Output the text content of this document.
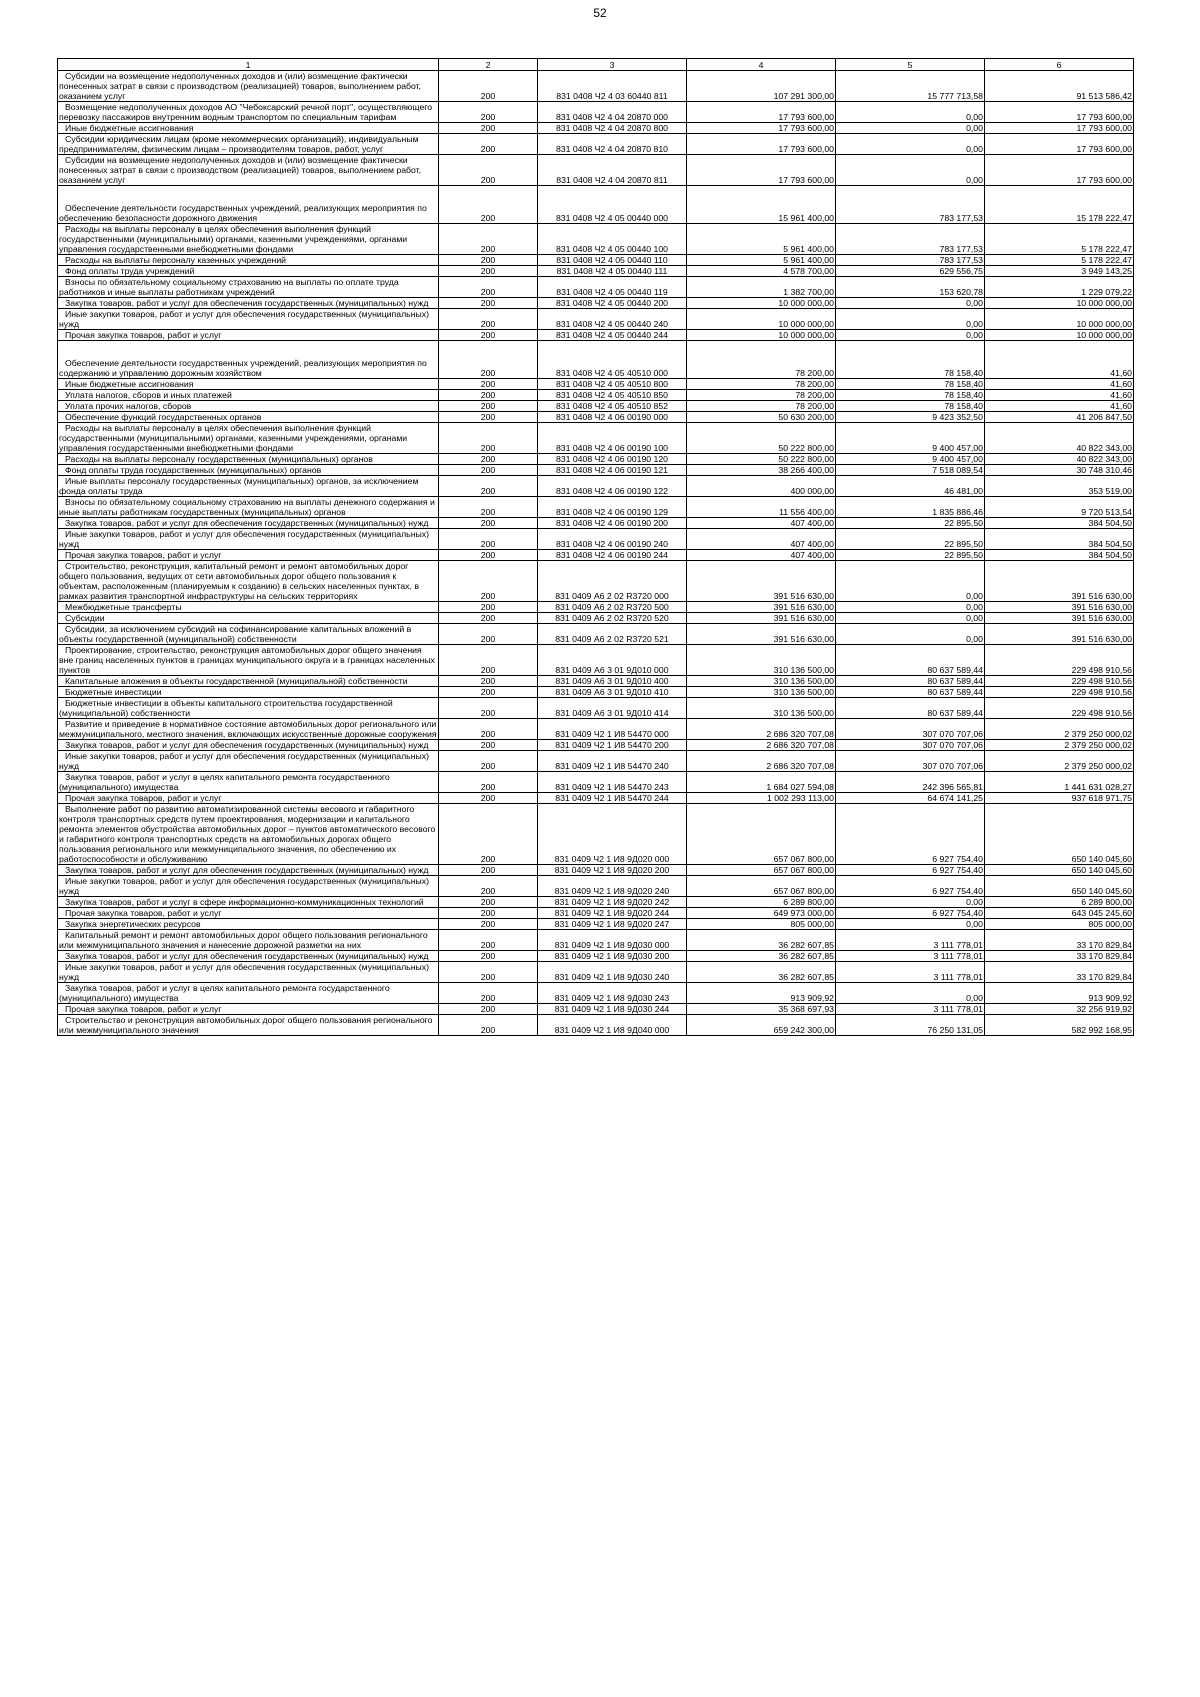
52
1	2	3	4	5	6

Субсидии на возмещение недополученных доходов и (или) возмещение фактически понесенных затрат в связи с производством (реализацией) товаров, выполнением работ, оказанием услуг	200	831 0408 Ч2 4 03 60440 811	107 291 300,00	15 777 713,58	91 513 586,42

Возмещение недополученных доходов АО "Чебоксарский речной порт", осуществляющего перевозку пассажиров внутренним водным транспортом по специальным тарифам	200	831 0408 Ч2 4 04 20870 000	17 793 600,00	0,00	17 793 600,00

Иные бюджетные ассигнования	200	831 0408 Ч2 4 04 20870 800	17 793 600,00	0,00	17 793 600,00

Субсидии юридическим лицам (кроме некоммерческих организаций), индивидуальным предпринимателям, физическим лицам – производителям товаров, работ, услуг	200	831 0408 Ч2 4 04 20870 810	17 793 600,00	0,00	17 793 600,00

Субсидии на возмещение недополученных доходов и (или) возмещение фактически понесенных затрат в связи с производством (реализацией) товаров, выполнением работ, оказанием услуг	200	831 0408 Ч2 4 04 20870 811	17 793 600,00	0,00	17 793 600,00

Обеспечение деятельности государственных учреждений, реализующих мероприятия по обеспечению безопасности дорожного движения	200	831 0408 Ч2 4 05 00440 000	15 961 400,00	783 177,53	15 178 222,47

Расходы на выплаты персоналу в целях обеспечения выполнения функций государственными (муниципальными) органами, казенными учреждениями, органами управления государственными внебюджетными фондами	200	831 0408 Ч2 4 05 00440 100	5 961 400,00	783 177,53	5 178 222,47

Расходы на выплаты персоналу казенных учреждений	200	831 0408 Ч2 4 05 00440 110	5 961 400,00	783 177,53	5 178 222,47

Фонд оплаты труда учреждений	200	831 0408 Ч2 4 05 00440 111	4 578 700,00	629 556,75	3 949 143,25

Взносы по обязательному социальному страхованию на выплаты по оплате труда работников и иные выплаты работникам учреждений	200	831 0408 Ч2 4 05 00440 119	1 382 700,00	153 620,78	1 229 079,22

Закупка товаров, работ и услуг для обеспечения государственных (муниципальных) нужд	200	831 0408 Ч2 4 05 00440 200	10 000 000,00	0,00	10 000 000,00

Иные закупки товаров, работ и услуг для обеспечения государственных (муниципальных) нужд	200	831 0408 Ч2 4 05 00440 240	10 000 000,00	0,00	10 000 000,00

Прочая закупка товаров, работ и услуг	200	831 0408 Ч2 4 05 00440 244	10 000 000,00	0,00	10 000 000,00

Обеспечение деятельности государственных учреждений, реализующих мероприятия по содержанию и управлению дорожным хозяйством	200	831 0408 Ч2 4 05 40510 000	78 200,00	78 158,40	41,60

Иные бюджетные ассигнования	200	831 0408 Ч2 4 05 40510 800	78 200,00	78 158,40	41,60

Уплата налогов, сборов и иных платежей	200	831 0408 Ч2 4 05 40510 850	78 200,00	78 158,40	41,60

Уплата прочих налогов, сборов	200	831 0408 Ч2 4 05 40510 852	78 200,00	78 158,40	41,60

Обеспечение функций государственных органов	200	831 0408 Ч2 4 06 00190 000	50 630 200,00	9 423 352,50	41 206 847,50

Расходы на выплаты персоналу в целях обеспечения выполнения функций государственными (муниципальными) органами, казенными учреждениями, органами управления государственными внебюджетными фондами	200	831 0408 Ч2 4 06 00190 100	50 222 800,00	9 400 457,00	40 822 343,00

Расходы на выплаты персоналу государственных (муниципальных) органов	200	831 0408 Ч2 4 06 00190 120	50 222 800,00	9 400 457,00	40 822 343,00

Фонд оплаты труда государственных (муниципальных) органов	200	831 0408 Ч2 4 06 00190 121	38 266 400,00	7 518 089,54	30 748 310,46

Иные выплаты персоналу государственных (муниципальных) органов, за исключением фонда оплаты труда	200	831 0408 Ч2 4 06 00190 122	400 000,00	46 481,00	353 519,00

Взносы по обязательному социальному страхованию на выплаты денежного содержания и иные выплаты работникам государственных (муниципальных) органов	200	831 0408 Ч2 4 06 00190 129	11 556 400,00	1 835 886,46	9 720 513,54

Закупка товаров, работ и услуг для обеспечения государственных (муниципальных) нужд	200	831 0408 Ч2 4 06 00190 200	407 400,00	22 895,50	384 504,50

Иные закупки товаров, работ и услуг для обеспечения государственных (муниципальных) нужд	200	831 0408 Ч2 4 06 00190 240	407 400,00	22 895,50	384 504,50

Прочая закупка товаров, работ и услуг	200	831 0408 Ч2 4 06 00190 244	407 400,00	22 895,50	384 504,50

Строительство, реконструкция, капитальный ремонт и ремонт автомобильных дорог общего пользования, ведущих от сети автомобильных дорог общего пользования к объектам, расположенным (планируемым к созданию) в сельских населенных пунктах, в рамках развития транспортной инфраструктуры на сельских территориях	200	831 0409 А6 2 02 R3720 000	391 516 630,00	0,00	391 516 630,00

Межбюджетные трансферты	200	831 0409 А6 2 02 R3720 500	391 516 630,00	0,00	391 516 630,00

Субсидии	200	831 0409 А6 2 02 R3720 520	391 516 630,00	0,00	391 516 630,00

Субсидии, за исключением субсидий на софинансирование капитальных вложений в объекты государственной (муниципальной) собственности	200	831 0409 А6 2 02 R3720 521	391 516 630,00	0,00	391 516 630,00

Проектирование, строительство, реконструкция автомобильных дорог общего значения вне границ населенных пунктов в границах муниципального округа и в границах населенных пунктов	200	831 0409 А6 3 01 9Д010 000	310 136 500,00	80 637 589,44	229 498 910,56

Капитальные вложения в объекты государственной (муниципальной) собственности	200	831 0409 А6 3 01 9Д010 400	310 136 500,00	80 637 589,44	229 498 910,56

Бюджетные инвестиции	200	831 0409 А6 3 01 9Д010 410	310 136 500,00	80 637 589,44	229 498 910,56

Бюджетные инвестиции в объекты капитального строительства государственной (муниципальной) собственности	200	831 0409 А6 3 01 9Д010 414	310 136 500,00	80 637 589,44	229 498 910,56

Развитие и приведение в нормативное состояние автомобильных дорог регионального или межмуниципального, местного значения, включающих искусственные дорожные сооружения	200	831 0409 Ч2 1 И8 54470 000	2 686 320 707,08	307 070 707,06	2 379 250 000,02

Закупка товаров, работ и услуг для обеспечения государственных (муниципальных) нужд	200	831 0409 Ч2 1 И8 54470 200	2 686 320 707,08	307 070 707,06	2 379 250 000,02

Иные закупки товаров, работ и услуг для обеспечения государственных (муниципальных) нужд	200	831 0409 Ч2 1 И8 54470 240	2 686 320 707,08	307 070 707,06	2 379 250 000,02

Закупка товаров, работ и услуг в целях капитального ремонта государственного (муниципального) имущества	200	831 0409 Ч2 1 И8 54470 243	1 684 027 594,08	242 396 565,81	1 441 631 028,27

Прочая закупка товаров, работ и услуг	200	831 0409 Ч2 1 И8 54470 244	1 002 293 113,00	64 674 141,25	937 618 971,75

Выполнение работ по развитию автоматизированной системы весового и габаритного контроля транспортных средств путем проектирования, модернизации и капитального ремонта элементов обустройства автомобильных дорог – пунктов автоматического весового и габаритного контроля транспортных средств на автомобильных дорогах общего пользования регионального или межмуниципального значения, по обеспечению их работоспособности и обслуживанию	200	831 0409 Ч2 1 И8 9Д020 000	657 067 800,00	6 927 754,40	650 140 045,60

Закупка товаров, работ и услуг для обеспечения государственных (муниципальных) нужд	200	831 0409 Ч2 1 И8 9Д020 200	657 067 800,00	6 927 754,40	650 140 045,60

Иные закупки товаров, работ и услуг для обеспечения государственных (муниципальных) нужд	200	831 0409 Ч2 1 И8 9Д020 240	657 067 800,00	6 927 754,40	650 140 045,60

Закупка товаров, работ и услуг в сфере информационно-коммуникационных технологий	200	831 0409 Ч2 1 И8 9Д020 242	6 289 800,00	0,00	6 289 800,00

Прочая закупка товаров, работ и услуг	200	831 0409 Ч2 1 И8 9Д020 244	649 973 000,00	6 927 754,40	643 045 245,60

Закупка энергетических ресурсов	200	831 0409 Ч2 1 И8 9Д020 247	805 000,00	0,00	805 000,00

Капитальный ремонт и ремонт автомобильных дорог общего пользования регионального или межмуниципального значения и нанесение дорожной разметки на них	200	831 0409 Ч2 1 И8 9Д030 000	36 282 607,85	3 111 778,01	33 170 829,84

Закупка товаров, работ и услуг для обеспечения государственных (муниципальных) нужд	200	831 0409 Ч2 1 И8 9Д030 200	36 282 607,85	3 111 778,01	33 170 829,84

Иные закупки товаров, работ и услуг для обеспечения государственных (муниципальных) нужд	200	831 0409 Ч2 1 И8 9Д030 240	36 282 607,85	3 111 778,01	33 170 829,84

Закупка товаров, работ и услуг в целях капитального ремонта государственного (муниципального) имущества	200	831 0409 Ч2 1 И8 9Д030 243	913 909,92	0,00	913 909,92

Прочая закупка товаров, работ и услуг	200	831 0409 Ч2 1 И8 9Д030 244	35 368 697,93	3 111 778,01	32 256 919,92

Строительство и реконструкция автомобильных дорог общего пользования регионального или межмуниципального значения	200	831 0409 Ч2 1 И8 9Д040 000	659 242 300,00	76 250 131,05	582 992 168,95
